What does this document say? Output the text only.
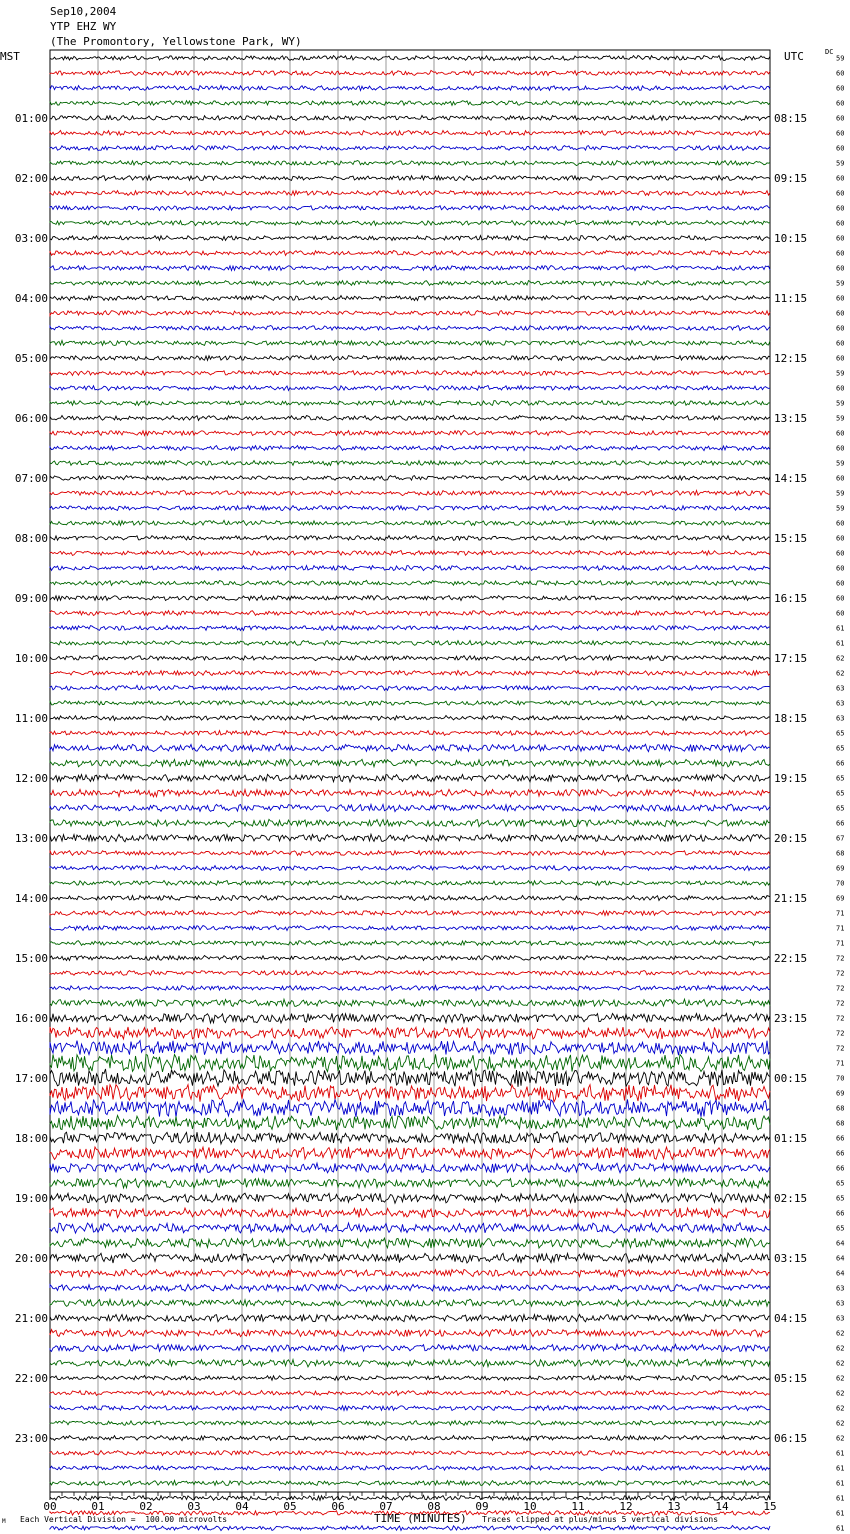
Sep10,2004
YTP EHZ WY
(The Promontory, Yellowstone Park, WY)
MST	UTC	DC
59
60
60
60
60
60
60
59
60
60
60
60
60
60
60
59
60
60
60
60
60
59
60
59
59
60
60
59
60
59
59
60
60
60
60
60
60
60
61
61
62
62
63
63
63
65
65
66
65
65
65
66
67
68
69
70
69
71
71
71
72
72
72
72
72
72
72
71
70
69
68
68
66
66
66
65
65
66
65
64
64
64
63
63
63
62
62
62
62
62
62
62
62
61
61
61
61
61
61
01:00
02:00
03:00
04:00
05:00
06:00
07:00
08:00
09:00
10:00
11:00
12:00
13:00
14:00
15:00
16:00
17:00
18:00
19:00
20:00
21:00
22:00
23:00
08:15
09:15
10:15
11:15
12:15
13:15
14:15
15:15
16:15
17:15
18:15
19:15
20:15
21:15
22:15
23:15
00:15
01:15
02:15
03:15
04:15
05:15
06:15
00	01	02	03	04	05	06	07	08	09	10	11	12	13	14	15
M Each Vertical Division =  100.00 microvolts	TIME (MINUTES) Traces clipped at plus/minus 5 vertical divisions
